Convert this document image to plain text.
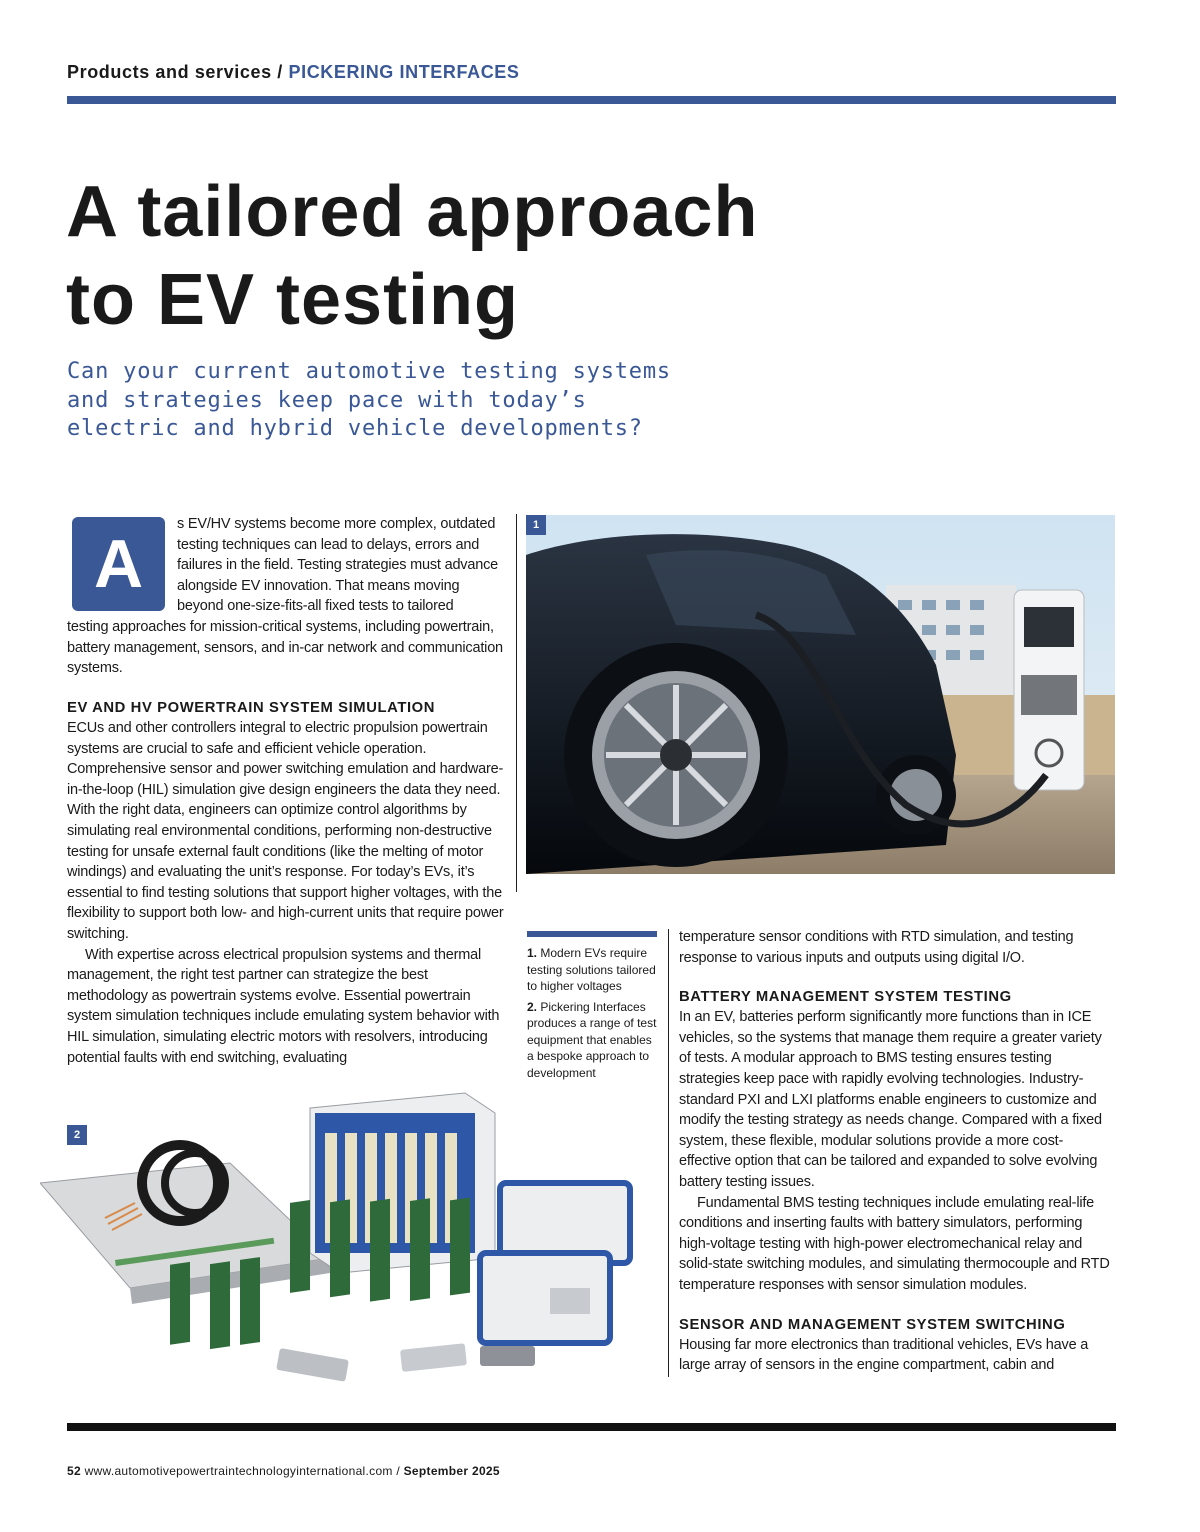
Products and services / PICKERING INTERFACES
A tailored approach
to EV testing
Can your current automotive testing systems and strategies keep pace with today’s electric and hybrid vehicle developments?
A

s EV/HV systems become more complex, outdated testing techniques can lead to delays, errors and failures in the field. Testing strategies must advance alongside EV innovation. That means moving beyond one-size-fits-all fixed tests to tailored

testing approaches for mission-critical systems, including powertrain, battery management, sensors, and in-car network and communication systems.

EV AND HV POWERTRAIN SYSTEM SIMULATION

ECUs and other controllers integral to electric propulsion powertrain systems are crucial to safe and efficient vehicle operation. Comprehensive sensor and power switching emulation and hardware-in-the-loop (HIL) simulation give design engineers the data they need. With the right data, engineers can optimize control algorithms by simulating real environmental conditions, performing non-destructive testing for unsafe external fault conditions (like the melting of motor windings) and evaluating the unit’s response. For today’s EVs, it’s essential to find testing solutions that support higher voltages, with the flexibility to support both low- and high-current units that require power switching.

With expertise across electrical propulsion systems and thermal management, the right test partner can strategize the best methodology as powertrain systems evolve. Essential powertrain system simulation techniques include emulating system behavior with HIL simulation, simulating electric motors with resolvers, introducing potential faults with end switching, evaluating

1

1. Modern EVs require testing solutions tailored to higher voltages

2. Pickering Interfaces produces a range of test equipment that enables a bespoke approach to development

temperature sensor conditions with RTD simulation, and testing response to various inputs and outputs using digital I/O.

BATTERY MANAGEMENT SYSTEM TESTING

In an EV, batteries perform significantly more functions than in ICE vehicles, so the systems that manage them require a greater variety of tests. A modular approach to BMS testing ensures testing strategies keep pace with rapidly evolving technologies. Industry-standard PXI and LXI platforms enable engineers to customize and modify the testing strategy as needs change. Compared with a fixed system, these flexible, modular solutions provide a more cost-effective option that can be tailored and expanded to solve evolving battery testing issues.

Fundamental BMS testing techniques include emulating real-life conditions and inserting faults with battery simulators, performing high-voltage testing with high-power electromechanical relay and solid-state switching modules, and simulating thermocouple and RTD temperature responses with sensor simulation modules.

SENSOR AND MANAGEMENT SYSTEM SWITCHING

Housing far more electronics than traditional vehicles, EVs have a large array of sensors in the engine compartment, cabin and

2
52 www.automotivepowertraintechnologyinternational.com / September 2025
